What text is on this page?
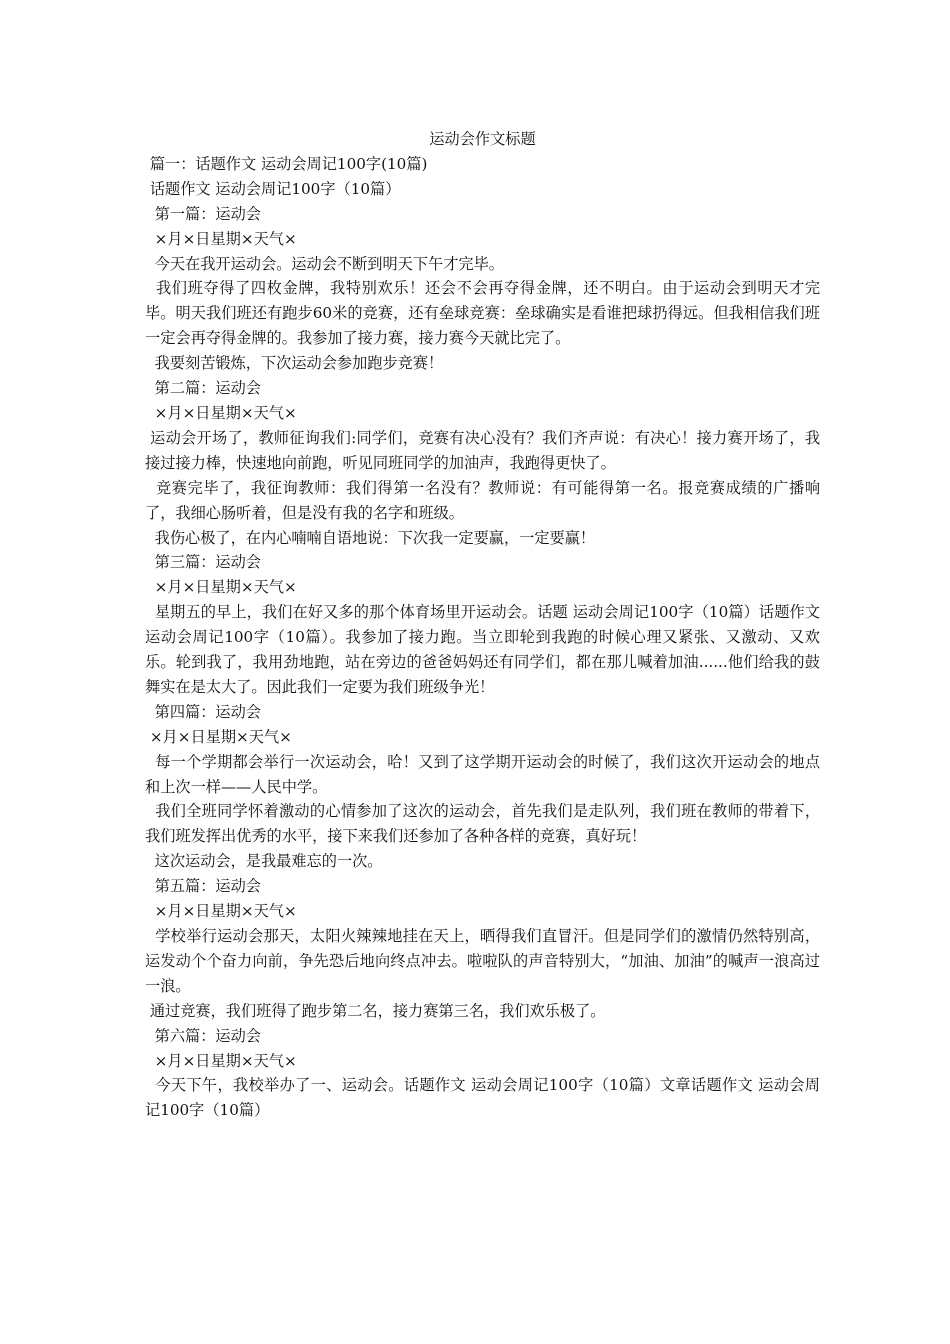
运动会作文标题

篇一：话题作文 运动会周记100字(10篇)

话题作文 运动会周记100字（10篇）

第一篇：运动会

×月×日星期×天气×

今天在我开运动会。运动会不断到明天下午才完毕。

我们班夺得了四枚金牌，我特别欢乐！还会不会再夺得金牌，还不明白。由于运动会到明天才完毕。明天我们班还有跑步60米的竞赛，还有垒球竞赛：垒球确实是看谁把球扔得远。但我相信我们班一定会再夺得金牌的。我参加了接力赛，接力赛今天就比完了。

我要刻苦锻炼，下次运动会参加跑步竞赛！

第二篇：运动会

×月×日星期×天气×

运动会开场了，教师征询我们:同学们，竞赛有决心没有？我们齐声说：有决心！接力赛开场了，我接过接力棒，快速地向前跑，听见同班同学的加油声，我跑得更快了。

竞赛完毕了，我征询教师：我们得第一名没有？教师说：有可能得第一名。报竞赛成绩的广播响了，我细心肠听着，但是没有我的名字和班级。

我伤心极了，在内心喃喃自语地说：下次我一定要赢，一定要赢！

第三篇：运动会

×月×日星期×天气×

星期五的早上，我们在好又多的那个体育场里开运动会。话题 运动会周记100字（10篇）话题作文 运动会周记100字（10篇）。我参加了接力跑。当立即轮到我跑的时候心理又紧张、又激动、又欢乐。轮到我了，我用劲地跑，站在旁边的爸爸妈妈还有同学们，都在那儿喊着加油......他们给我的鼓舞实在是太大了。因此我们一定要为我们班级争光！

第四篇：运动会

×月×日星期×天气×

每一个学期都会举行一次运动会，哈！又到了这学期开运动会的时候了，我们这次开运动会的地点和上次一样——人民中学。

我们全班同学怀着激动的心情参加了这次的运动会，首先我们是走队列，我们班在教师的带着下，我们班发挥出优秀的水平，接下来我们还参加了各种各样的竞赛，真好玩！

这次运动会，是我最难忘的一次。

第五篇：运动会

×月×日星期×天气×

学校举行运动会那天，太阳火辣辣地挂在天上，晒得我们直冒汗。但是同学们的激情仍然特别高，运发动个个奋力向前，争先恐后地向终点冲去。啦啦队的声音特别大，“加油、加油”的喊声一浪高过一浪。

通过竞赛，我们班得了跑步第二名，接力赛第三名，我们欢乐极了。

第六篇：运动会

×月×日星期×天气×

今天下午，我校举办了一、运动会。话题作文 运动会周记100字（10篇）文章话题作文 运动会周记100字（10篇）
